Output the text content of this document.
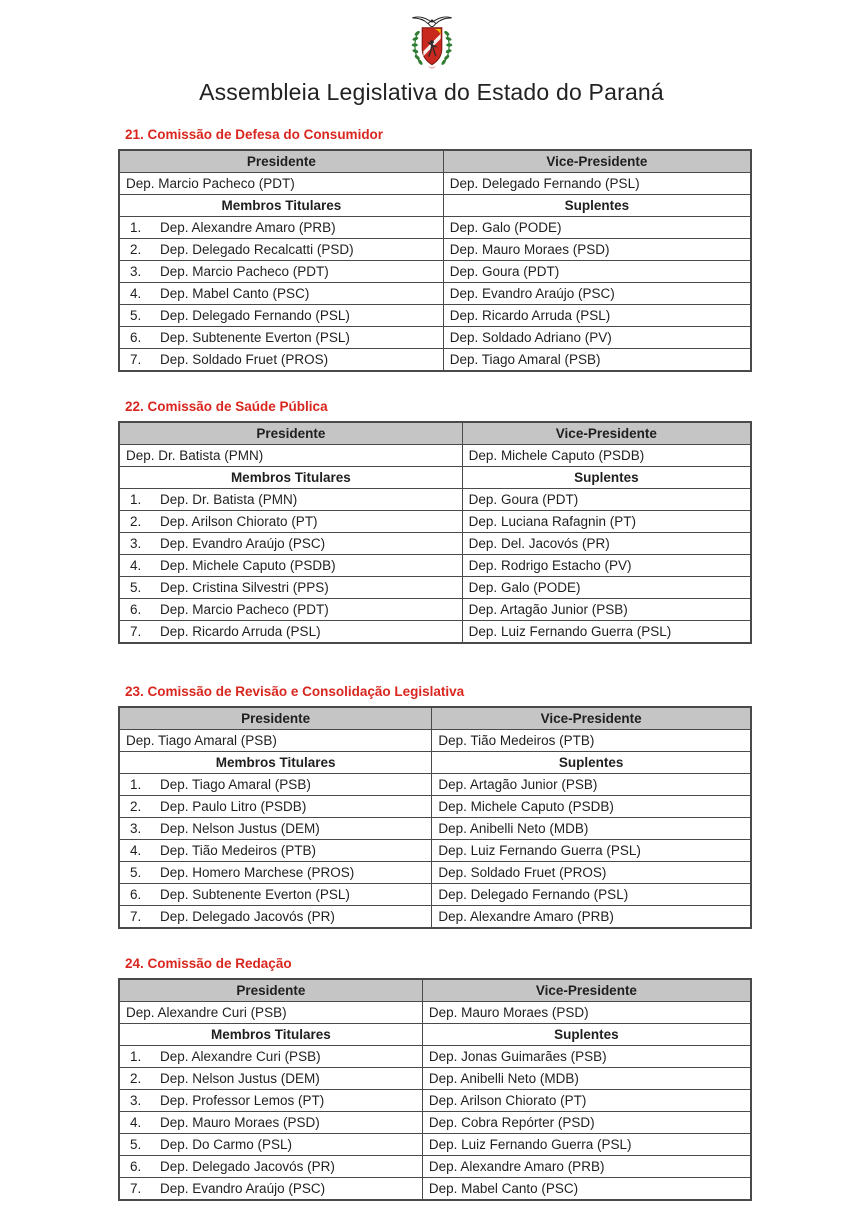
Assembleia Legislativa do Estado do Paraná
21. Comissão de Defesa do Consumidor
Presidente	Vice-Presidente
Dep. Marcio Pacheco (PDT)	Dep. Delegado Fernando (PSL)
Membros Titulares	Suplentes
1. Dep. Alexandre Amaro (PRB)	Dep. Galo (PODE)
2. Dep. Delegado Recalcatti (PSD)	Dep. Mauro Moraes (PSD)
3. Dep. Marcio Pacheco (PDT)	Dep. Goura (PDT)
4. Dep. Mabel Canto (PSC)	Dep. Evandro Araújo (PSC)
5. Dep. Delegado Fernando (PSL)	Dep. Ricardo Arruda (PSL)
6. Dep. Subtenente Everton (PSL)	Dep. Soldado Adriano (PV)
7. Dep. Soldado Fruet (PROS)	Dep. Tiago Amaral (PSB)
22. Comissão de Saúde Pública
Presidente	Vice-Presidente
Dep. Dr. Batista (PMN)	Dep. Michele Caputo (PSDB)
Membros Titulares	Suplentes
1. Dep. Dr. Batista (PMN)	Dep. Goura (PDT)
2. Dep. Arilson Chiorato (PT)	Dep. Luciana Rafagnin (PT)
3. Dep. Evandro Araújo (PSC)	Dep. Del. Jacovós (PR)
4. Dep. Michele Caputo (PSDB)	Dep. Rodrigo Estacho (PV)
5. Dep. Cristina Silvestri (PPS)	Dep. Galo (PODE)
6. Dep. Marcio Pacheco (PDT)	Dep. Artagão Junior (PSB)
7. Dep. Ricardo Arruda (PSL)	Dep. Luiz Fernando Guerra (PSL)
23. Comissão de Revisão e Consolidação Legislativa
Presidente	Vice-Presidente
Dep. Tiago Amaral (PSB)	Dep. Tião Medeiros (PTB)
Membros Titulares	Suplentes
1. Dep. Tiago Amaral (PSB)	Dep. Artagão Junior (PSB)
2. Dep. Paulo Litro (PSDB)	Dep. Michele Caputo (PSDB)
3. Dep. Nelson Justus (DEM)	Dep. Anibelli Neto (MDB)
4. Dep. Tião Medeiros (PTB)	Dep. Luiz Fernando Guerra (PSL)
5. Dep. Homero Marchese (PROS)	Dep. Soldado Fruet (PROS)
6. Dep. Subtenente Everton (PSL)	Dep. Delegado Fernando (PSL)
7. Dep. Delegado Jacovós (PR)	Dep. Alexandre Amaro (PRB)
24. Comissão de Redação
Presidente	Vice-Presidente
Dep. Alexandre Curi (PSB)	Dep. Mauro Moraes (PSD)
Membros Titulares	Suplentes
1. Dep. Alexandre Curi (PSB)	Dep. Jonas Guimarães (PSB)
2. Dep. Nelson Justus (DEM)	Dep. Anibelli Neto (MDB)
3. Dep. Professor Lemos (PT)	Dep. Arilson Chiorato (PT)
4. Dep. Mauro Moraes (PSD)	Dep. Cobra Repórter (PSD)
5. Dep. Do Carmo (PSL)	Dep. Luiz Fernando Guerra (PSL)
6. Dep. Delegado Jacovós (PR)	Dep. Alexandre Amaro (PRB)
7. Dep. Evandro Araújo (PSC)	Dep. Mabel Canto (PSC)
